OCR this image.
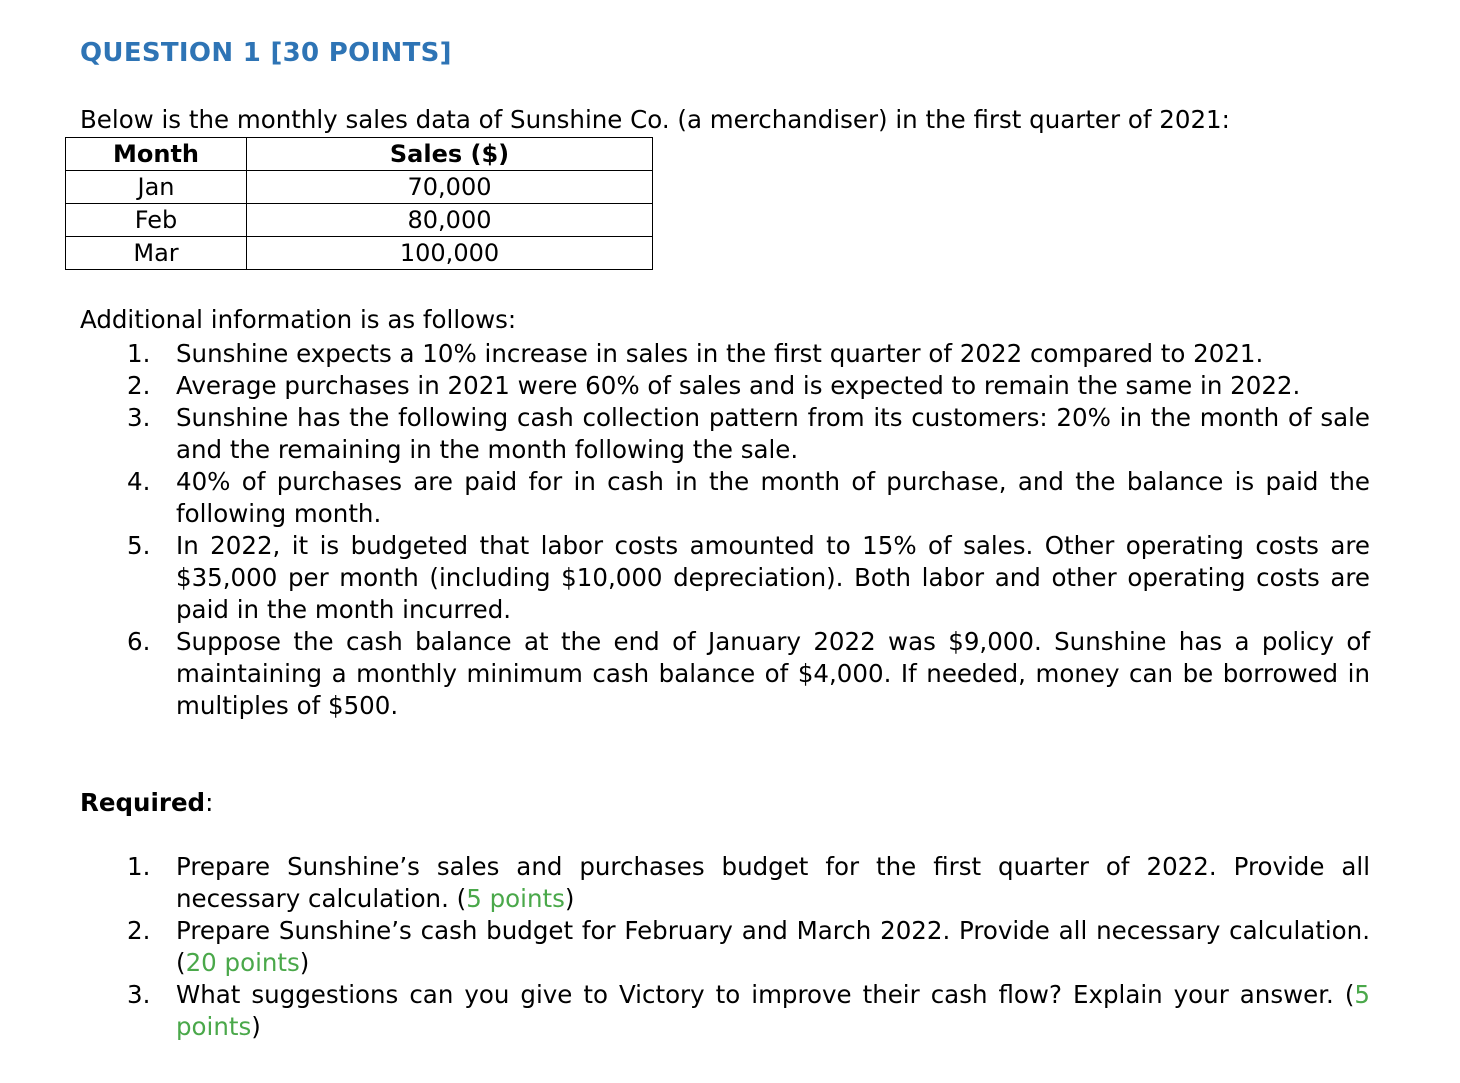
QUESTION 1 [30 POINTS]
Below is the monthly sales data of Sunshine Co. (a merchandiser) in the first quarter of 2021:
Month	Sales ($)
Jan	70,000
Feb	80,000
Mar	100,000
Additional information is as follows:
1. Sunshine expects a 10% increase in sales in the first quarter of 2022 compared to 2021.
2. Average purchases in 2021 were 60% of sales and is expected to remain the same in 2022.
3. Sunshine has the following cash collection pattern from its customers: 20% in the month of sale and the remaining in the month following the sale.
4. 40% of purchases are paid for in cash in the month of purchase, and the balance is paid the following month.
5. In 2022, it is budgeted that labor costs amounted to 15% of sales. Other operating costs are $35,000 per month (including $10,000 depreciation). Both labor and other operating costs are paid in the month incurred.
6. Suppose the cash balance at the end of January 2022 was $9,000. Sunshine has a policy of maintaining a monthly minimum cash balance of $4,000. If needed, money can be borrowed in multiples of $500.
Required:
1. Prepare Sunshine’s sales and purchases budget for the first quarter of 2022. Provide all necessary calculation. (5 points)
2. Prepare Sunshine’s cash budget for February and March 2022. Provide all necessary calculation. (20 points)
3. What suggestions can you give to Victory to improve their cash flow? Explain your answer. (5 points)
